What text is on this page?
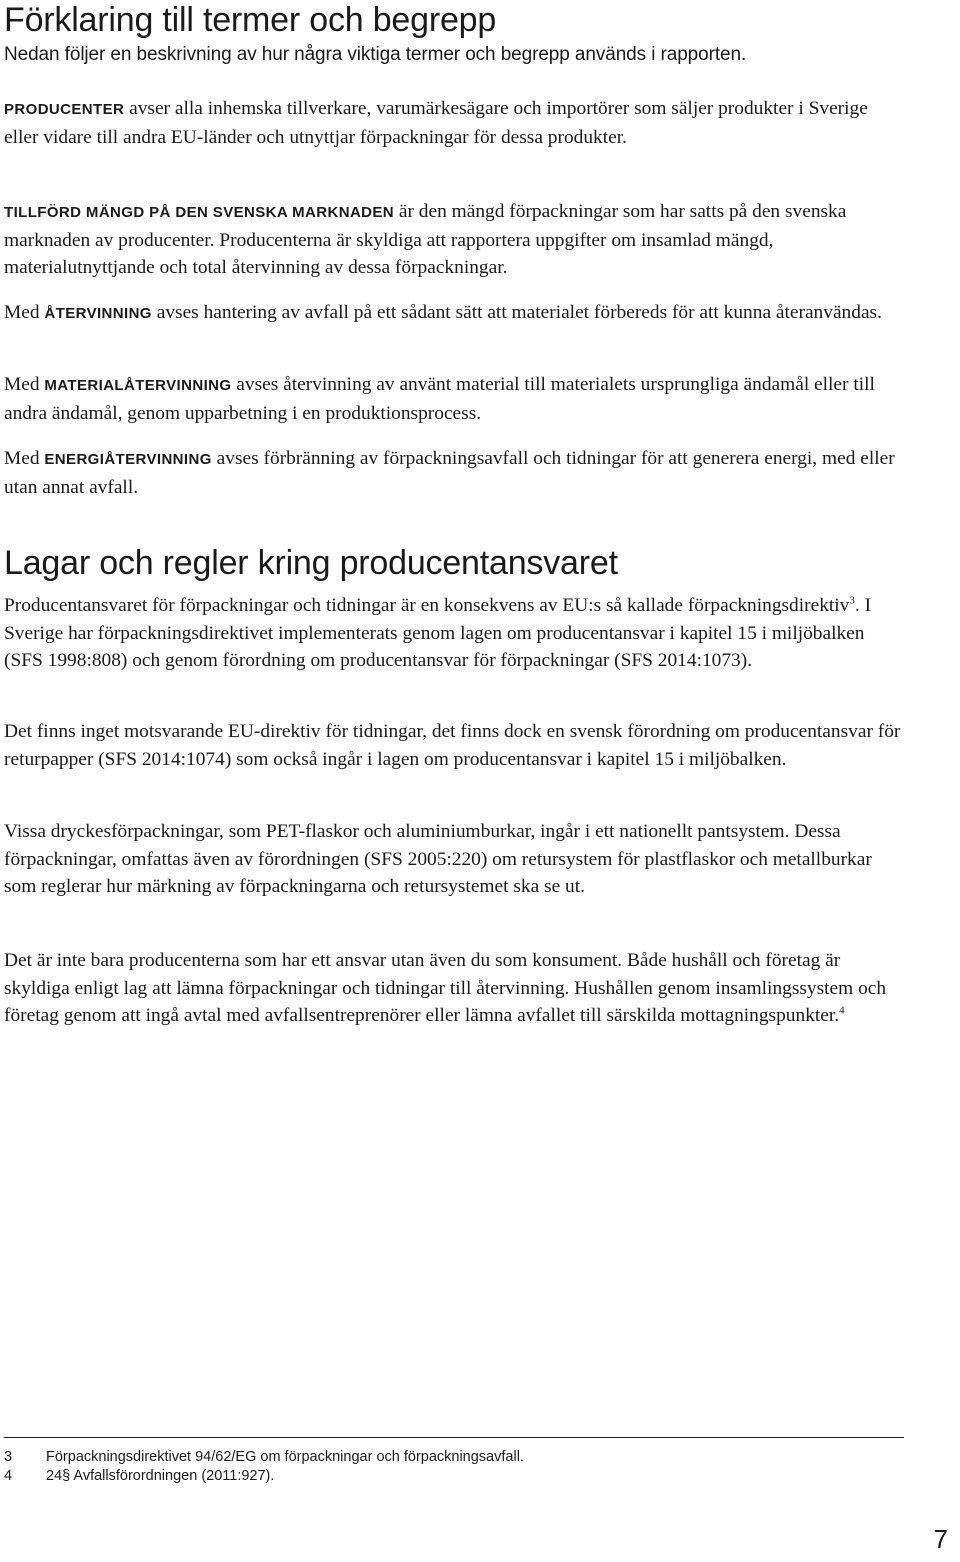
Förklaring till termer och begrepp

Nedan följer en beskrivning av hur några viktiga termer och begrepp används i rapporten.

PRODUCENTER avser alla inhemska tillverkare, varumärkesägare och importörer som säljer produkter i Sverige eller vidare till andra EU-länder och utnyttjar förpackningar för dessa produkter.

TILLFÖRD MÄNGD PÅ DEN SVENSKA MARKNADEN är den mängd förpackningar som har satts på den svenska marknaden av producenter. Producenterna är skyldiga att rapportera uppgifter om insamlad mängd, materialutnyttjande och total återvinning av dessa förpackningar.

Med ÅTERVINNING avses hantering av avfall på ett sådant sätt att materialet förbereds för att kunna återanvändas.

Med MATERIALÅTERVINNING avses återvinning av använt material till materialets ursprungliga ändamål eller till andra ändamål, genom upparbetning i en produktionsprocess.

Med ENERGIÅTERVINNING avses förbränning av förpackningsavfall och tidningar för att generera energi, med eller utan annat avfall.

Lagar och regler kring producentansvaret

Producentansvaret för förpackningar och tidningar är en konsekvens av EU:s så kallade förpackningsdirektiv$^3$. I Sverige har förpackningsdirektivet implementerats genom lagen om producentansvar i kapitel 15 i miljöbalken (SFS 1998:808) och genom förordning om producentansvar för förpackningar (SFS 2014:1073).

Det finns inget motsvarande EU-direktiv för tidningar, det finns dock en svensk förordning om producentansvar för returpapper (SFS 2014:1074) som också ingår i lagen om producentansvar i kapitel 15 i miljöbalken.

Vissa dryckesförpackningar, som PET-flaskor och aluminiumburkar, ingår i ett nationellt pantsystem. Dessa förpackningar, omfattas även av förordningen (SFS 2005:220) om retursystem för plastflaskor och metallburkar som reglerar hur märkning av förpackningarna och retursystemet ska se ut.

Det är inte bara producenterna som har ett ansvar utan även du som konsument. Både hushåll och företag är skyldiga enligt lag att lämna förpackningar och tidningar till återvinning. Hushållen genom insamlingssystem och företag genom att ingå avtal med avfallsentreprenörer eller lämna avfallet till särskilda mottagningspunkter.$^4$

3 Förpackningsdirektivet 94/62/EG om förpackningar och förpackningsavfall.

4 24§ Avfallsförordningen (2011:927).

7
